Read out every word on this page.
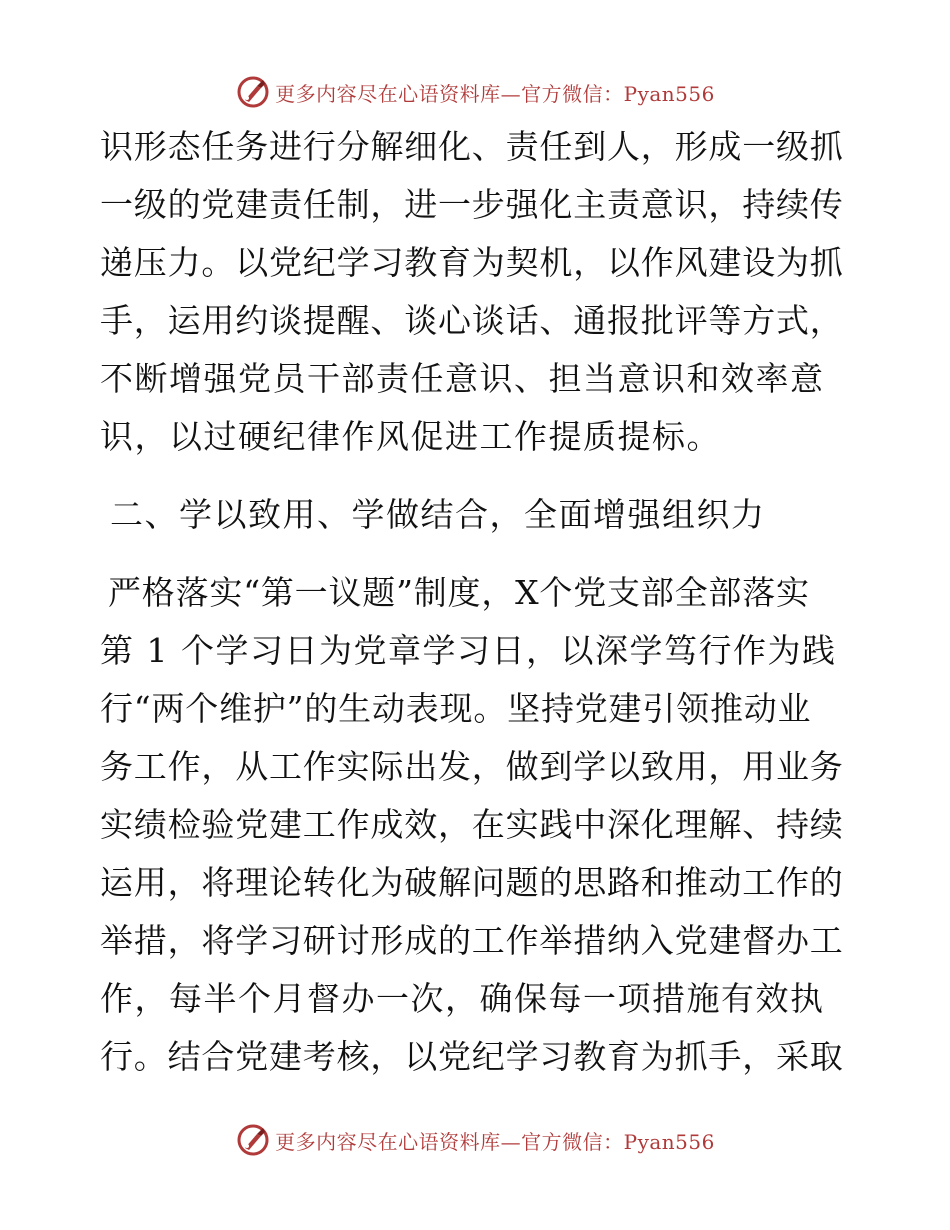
更多内容尽在心语资料库—官方微信：Pyan556
识形态任务进行分解细化、责任到人，形成一级抓
一级的党建责任制，进一步强化主责意识，持续传
递压力。以党纪学习教育为契机，以作风建设为抓
手，运用约谈提醒、谈心谈话、通报批评等方式，
不断增强党员干部责任意识、担当意识和效率意
识，以过硬纪律作风促进工作提质提标。
二、学以致用、学做结合，全面增强组织力
严格落实“第一议题”制度，X个党支部全部落实
第 1 个学习日为党章学习日，以深学笃行作为践
行“两个维护”的生动表现。坚持党建引领推动业
务工作，从工作实际出发，做到学以致用，用业务
实绩检验党建工作成效，在实践中深化理解、持续
运用，将理论转化为破解问题的思路和推动工作的
举措，将学习研讨形成的工作举措纳入党建督办工
作，每半个月督办一次，确保每一项措施有效执
行。结合党建考核，以党纪学习教育为抓手，采取
更多内容尽在心语资料库—官方微信：Pyan556
